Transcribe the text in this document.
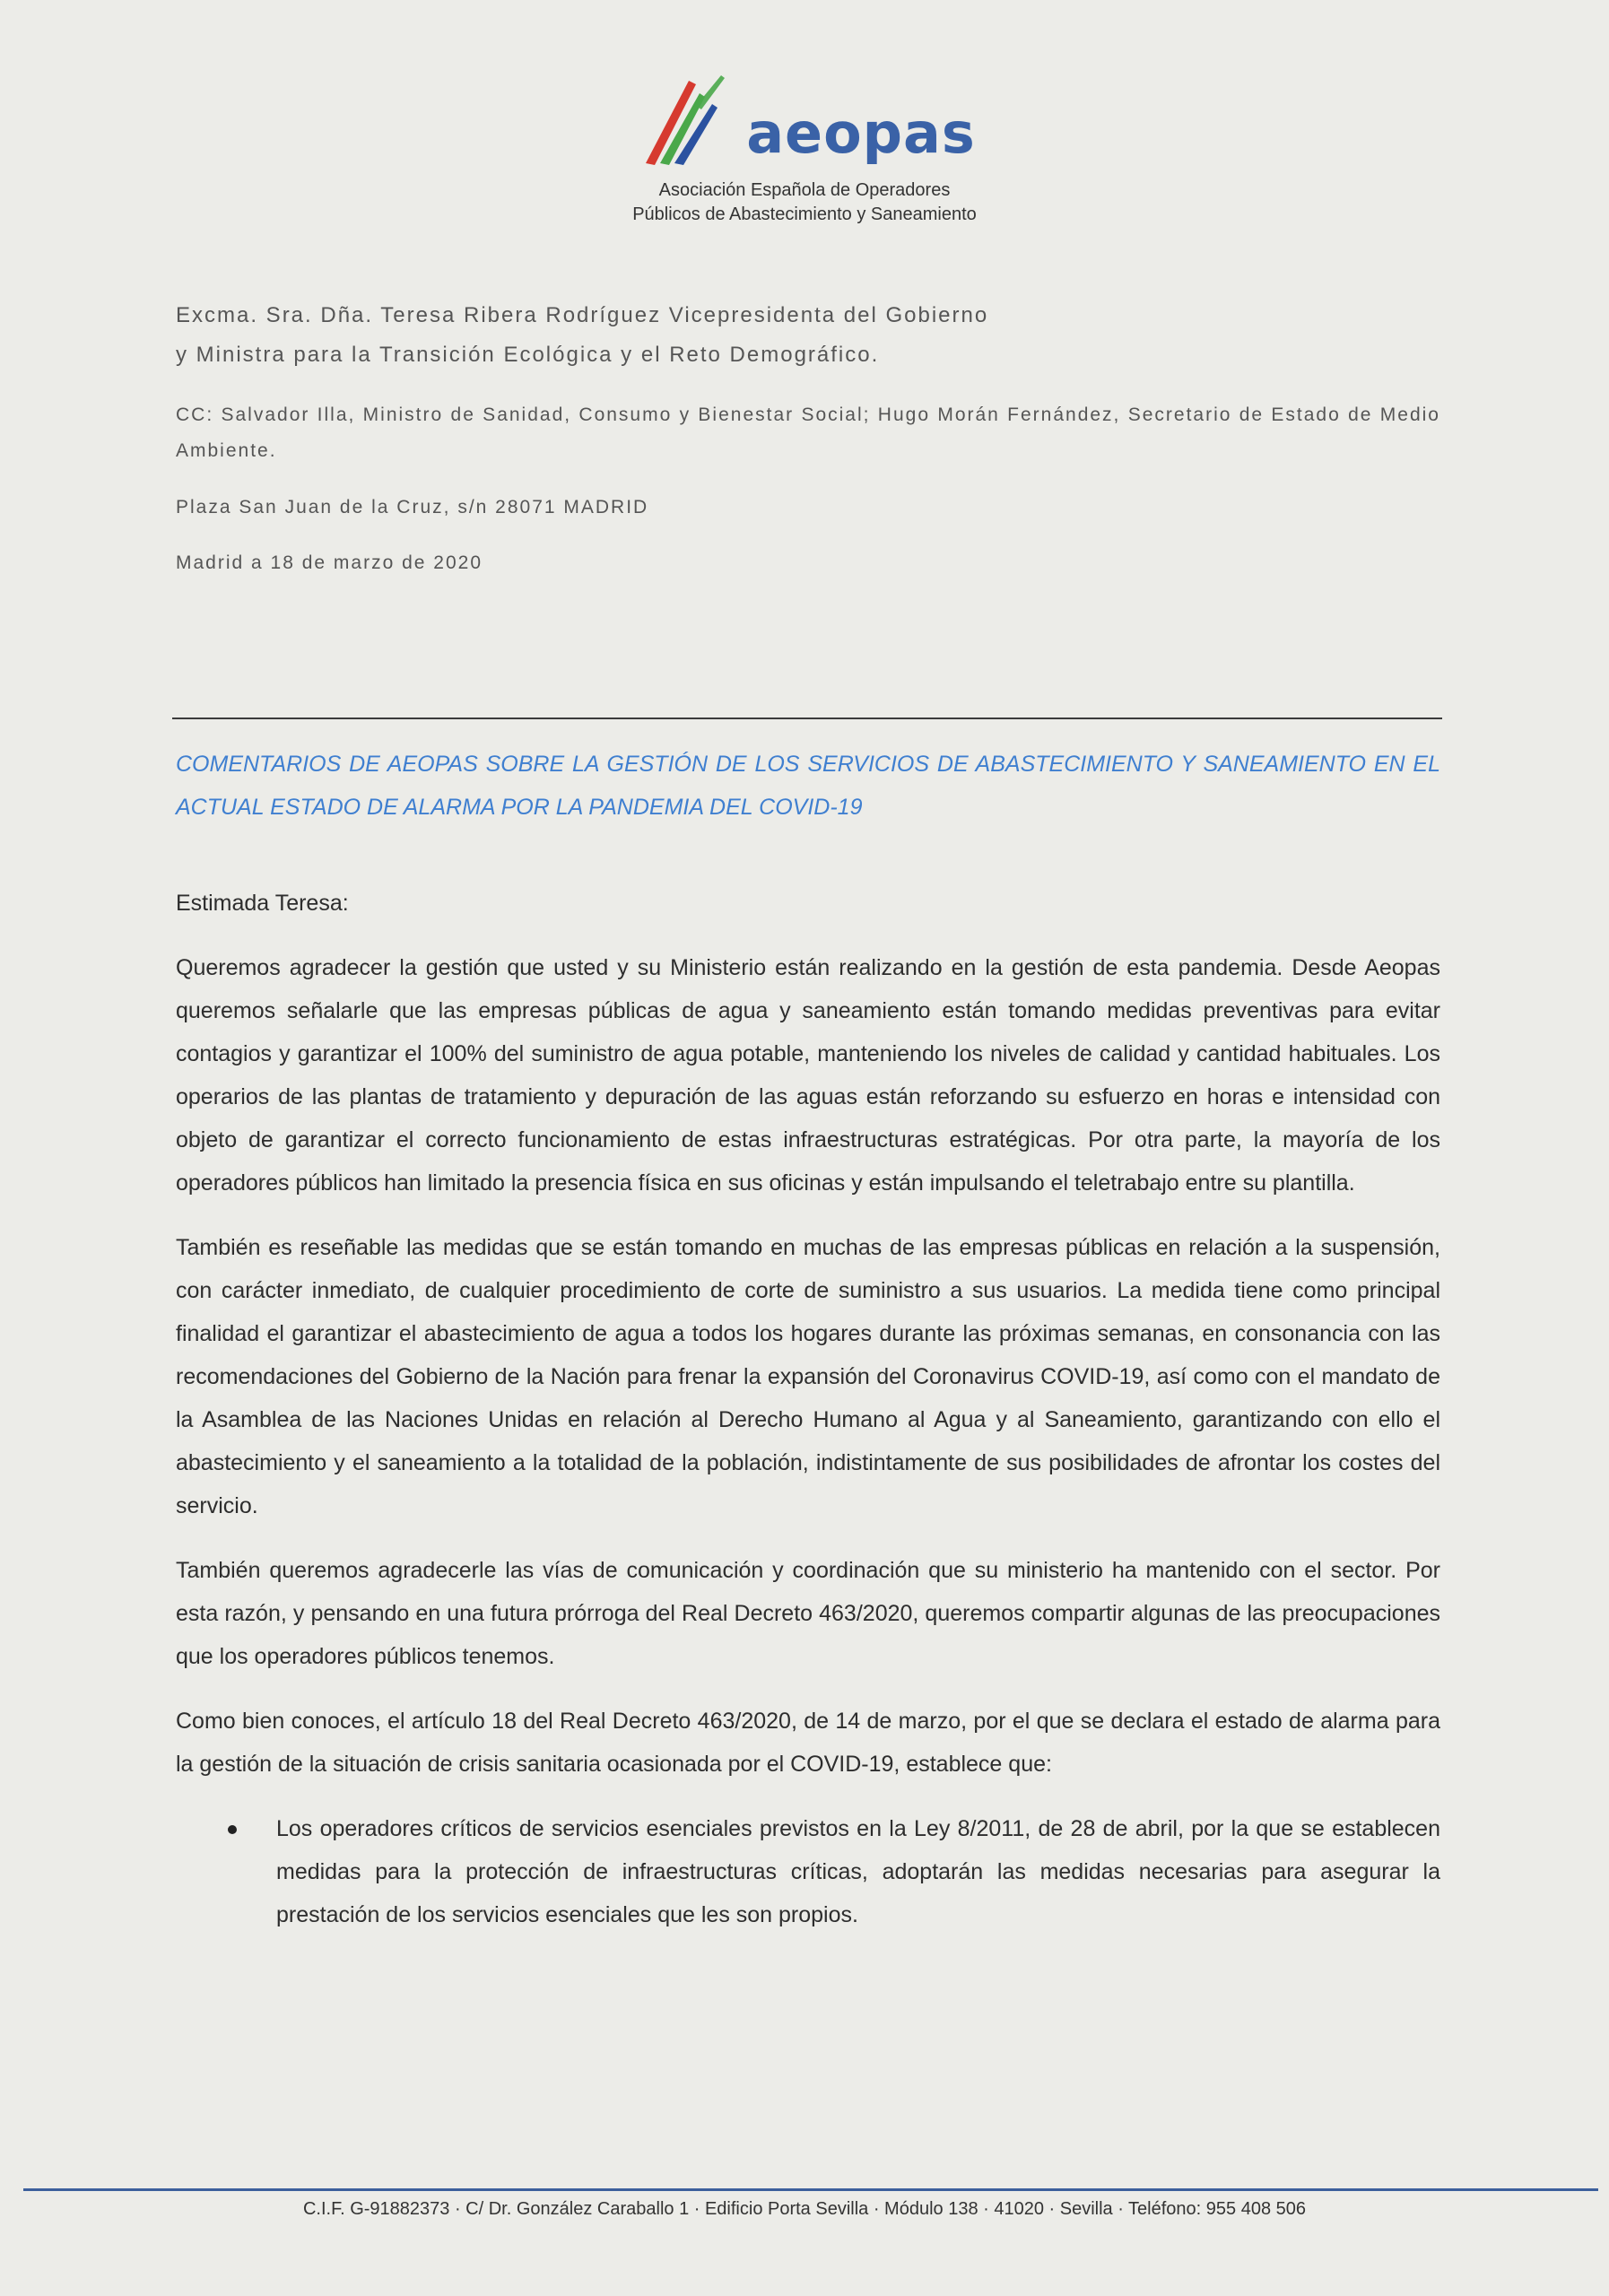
aeopas
Asociación Española de Operadores
Públicos de Abastecimiento y Saneamiento
Excma. Sra. Dña. Teresa Ribera Rodríguez Vicepresidenta del Gobierno
y Ministra para la Transición Ecológica y el Reto Demográfico.
CC: Salvador Illa, Ministro de Sanidad, Consumo y Bienestar Social; Hugo Morán Fernández, Secretario de Estado de Medio Ambiente.
Plaza San Juan de la Cruz, s/n 28071 MADRID
Madrid a 18 de marzo de 2020
COMENTARIOS DE AEOPAS SOBRE LA GESTIÓN DE LOS SERVICIOS DE ABASTECIMIENTO Y SANEAMIENTO EN EL ACTUAL ESTADO DE ALARMA POR LA PANDEMIA DEL COVID-19

Estimada Teresa:

Queremos agradecer la gestión que usted y su Ministerio están realizando en la gestión de esta pandemia. Desde Aeopas queremos señalarle que las empresas públicas de agua y saneamiento están tomando medidas preventivas para evitar contagios y garantizar el 100% del suministro de agua potable, manteniendo los niveles de calidad y cantidad habituales. Los operarios de las plantas de tratamiento y depuración de las aguas están reforzando su esfuerzo en horas e intensidad con objeto de garantizar el correcto funcionamiento de estas infraestructuras estratégicas. Por otra parte, la mayoría de los operadores públicos han limitado la presencia física en sus oficinas y están impulsando el teletrabajo entre su plantilla.

También es reseñable las medidas que se están tomando en muchas de las empresas públicas en relación a la suspensión, con carácter inmediato, de cualquier procedimiento de corte de suministro a sus usuarios. La medida tiene como principal finalidad el garantizar el abastecimiento de agua a todos los hogares durante las próximas semanas, en consonancia con las recomendaciones del Gobierno de la Nación para frenar la expansión del Coronavirus COVID-19, así como con el mandato de la Asamblea de las Naciones Unidas en relación al Derecho Humano al Agua y al Saneamiento, garantizando con ello el abastecimiento y el saneamiento a la totalidad de la población, indistintamente de sus posibilidades de afrontar los costes del servicio.

También queremos agradecerle las vías de comunicación y coordinación que su ministerio ha mantenido con el sector. Por esta razón, y pensando en una futura prórroga del Real Decreto 463/2020, queremos compartir algunas de las preocupaciones que los operadores públicos tenemos.

Como bien conoces, el artículo 18 del Real Decreto 463/2020, de 14 de marzo, por el que se declara el estado de alarma para la gestión de la situación de crisis sanitaria ocasionada por el COVID-19, establece que:

Los operadores críticos de servicios esenciales previstos en la Ley 8/2011, de 28 de abril, por la que se establecen medidas para la protección de infraestructuras críticas, adoptarán las medidas necesarias para asegurar la prestación de los servicios esenciales que les son propios.
C.I.F. G-91882373 · C/ Dr. González Caraballo 1 · Edificio Porta Sevilla · Módulo 138 · 41020 · Sevilla · Teléfono: 955 408 506
